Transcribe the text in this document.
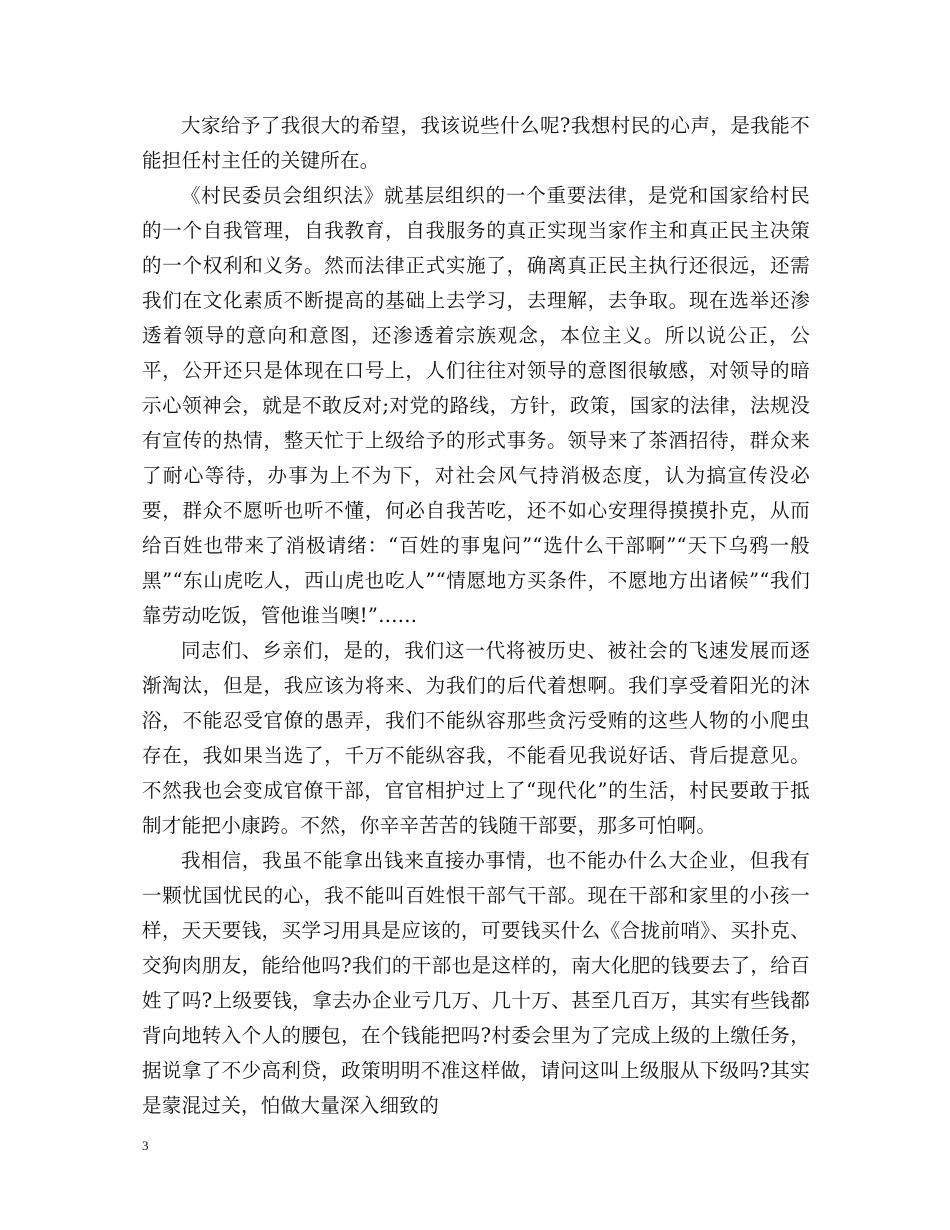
大家给予了我很大的希望，我该说些什么呢?我想村民的心声，是我能不能担任村主任的关键所在。

《村民委员会组织法》就基层组织的一个重要法律，是党和国家给村民的一个自我管理，自我教育，自我服务的真正实现当家作主和真正民主决策的一个权利和义务。然而法律正式实施了，确离真正民主执行还很远，还需我们在文化素质不断提高的基础上去学习，去理解，去争取。现在选举还渗透着领导的意向和意图，还渗透着宗族观念，本位主义。所以说公正，公平，公开还只是体现在口号上，人们往往对领导的意图很敏感，对领导的暗示心领神会，就是不敢反对;对党的路线，方针，政策，国家的法律，法规没有宣传的热情，整天忙于上级给予的形式事务。领导来了茶酒招待，群众来了耐心等待，办事为上不为下，对社会风气持消极态度，认为搞宣传没必要，群众不愿听也听不懂，何必自我苦吃，还不如心安理得摸摸扑克，从而给百姓也带来了消极请绪：“百姓的事鬼问”“选什么干部啊”“天下乌鸦一般黑”“东山虎吃人，西山虎也吃人”“情愿地方买条件，不愿地方出诸候”“我们靠劳动吃饭，管他谁当噢!”......

同志们、乡亲们，是的，我们这一代将被历史、被社会的飞速发展而逐渐淘汰，但是，我应该为将来、为我们的后代着想啊。我们享受着阳光的沐浴，不能忍受官僚的愚弄，我们不能纵容那些贪污受贿的这些人物的小爬虫存在，我如果当选了，千万不能纵容我，不能看见我说好话、背后提意见。不然我也会变成官僚干部，官官相护过上了“现代化”的生活，村民要敢于抵制才能把小康跨。不然，你辛辛苦苦的钱随干部要，那多可怕啊。

我相信，我虽不能拿出钱来直接办事情，也不能办什么大企业，但我有一颗忧国忧民的心，我不能叫百姓恨干部气干部。现在干部和家里的小孩一样，天天要钱，买学习用具是应该的，可要钱买什么《合拢前哨》、买扑克、交狗肉朋友，能给他吗?我们的干部也是这样的，南大化肥的钱要去了，给百姓了吗?上级要钱，拿去办企业亏几万、几十万、甚至几百万，其实有些钱都背向地转入个人的腰包，在个钱能把吗?村委会里为了完成上级的上缴任务，据说拿了不少高利贷，政策明明不准这样做，请问这叫上级服从下级吗?其实是蒙混过关，怕做大量深入细致的

3
